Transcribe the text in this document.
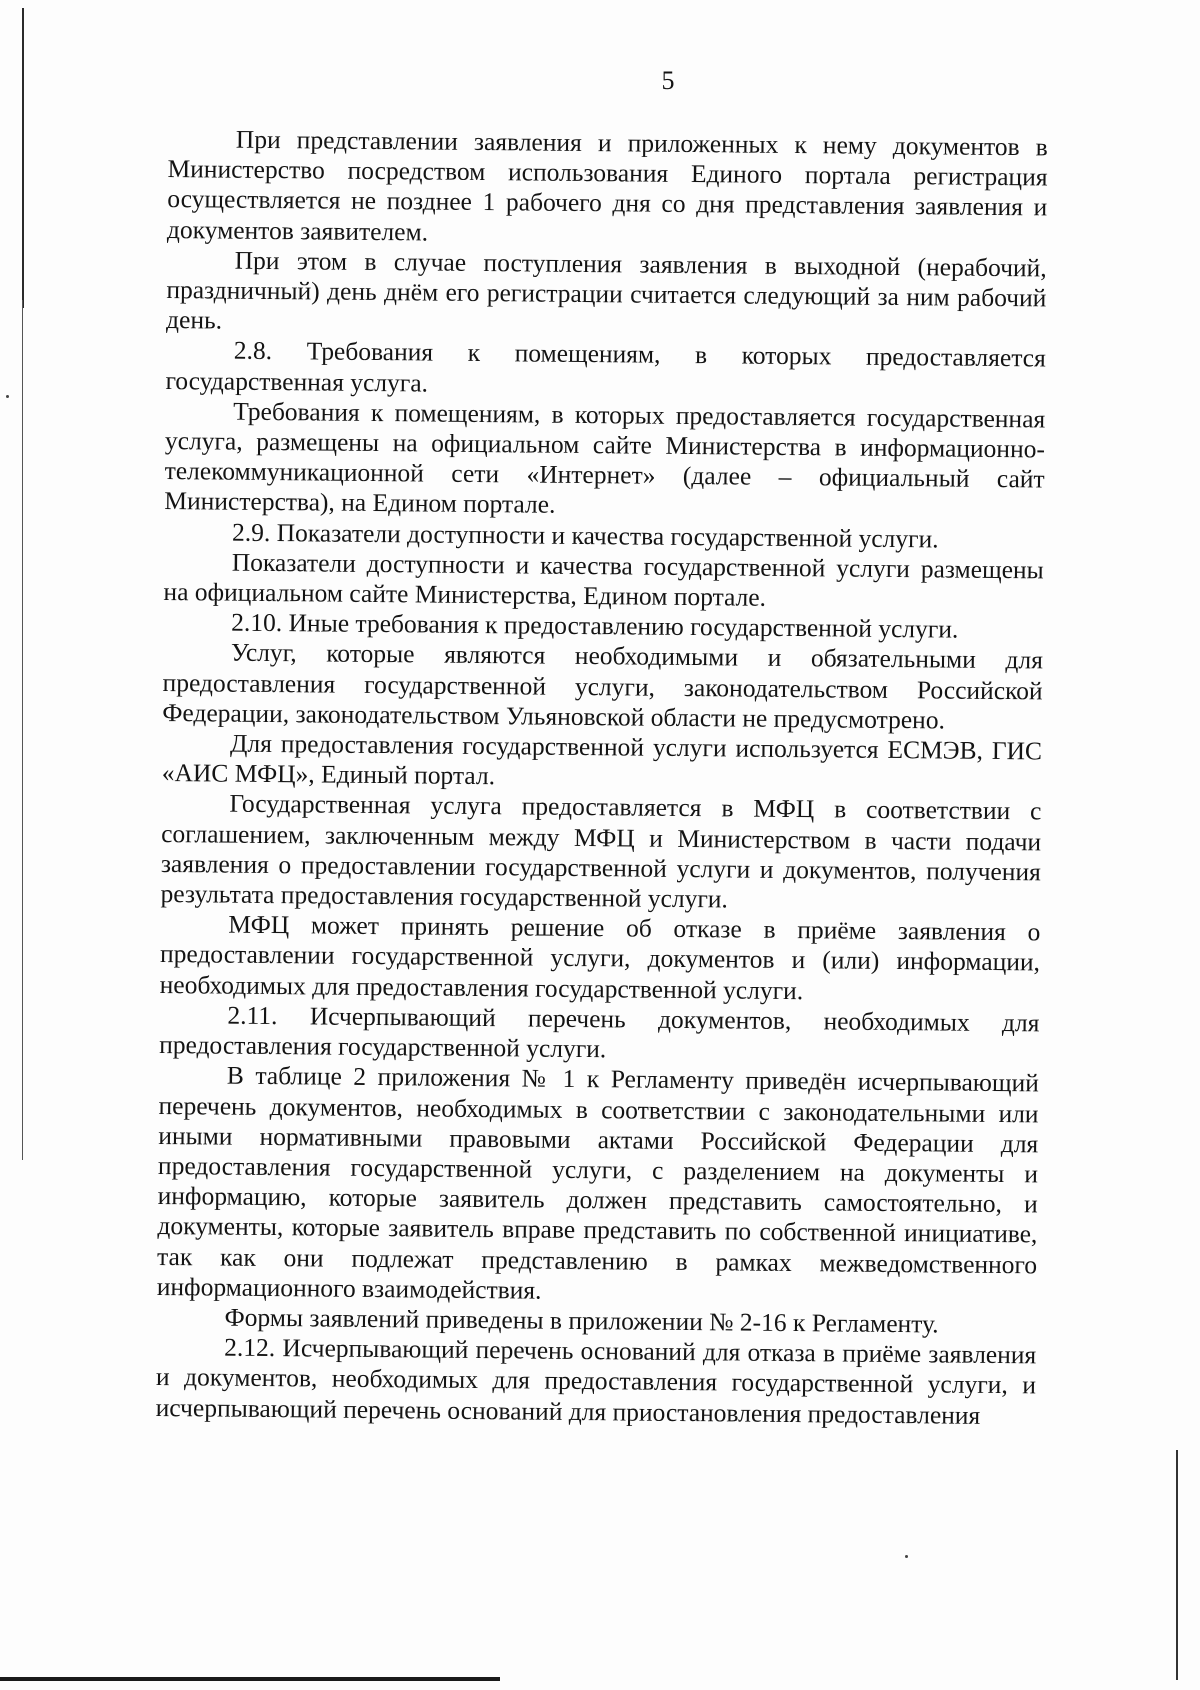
5

При представлении заявления и приложенных к нему документов в Министерство посредством использования Единого портала регистрация осуществляется не позднее 1 рабочего дня со дня представления заявления и документов заявителем.

При этом в случае поступления заявления в выходной (нерабочий, праздничный) день днём его регистрации считается следующий за ним рабочий день.

2.8. Требования к помещениям, в которых предоставляется государственная услуга.

Требования к помещениям, в которых предоставляется государственная услуга, размещены на официальном сайте Министерства в информационно-телекоммуникационной сети «Интернет» (далее – официальный сайт Министерства), на Едином портале.

2.9. Показатели доступности и качества государственной услуги.

Показатели доступности и качества государственной услуги размещены на официальном сайте Министерства, Едином портале.

2.10. Иные требования к предоставлению государственной услуги.

Услуг, которые являются необходимыми и обязательными для предоставления государственной услуги, законодательством Российской Федерации, законодательством Ульяновской области не предусмотрено.

Для предоставления государственной услуги используется ЕСМЭВ, ГИС «АИС МФЦ», Единый портал.

Государственная услуга предоставляется в МФЦ в соответствии с соглашением, заключенным между МФЦ и Министерством в части подачи заявления о предоставлении государственной услуги и документов, получения результата предоставления государственной услуги.

МФЦ может принять решение об отказе в приёме заявления о предоставлении государственной услуги, документов и (или) информации, необходимых для предоставления государственной услуги.

2.11. Исчерпывающий перечень документов, необходимых для предоставления государственной услуги.

В таблице 2 приложения № 1 к Регламенту приведён исчерпывающий перечень документов, необходимых в соответствии с законодательными или иными нормативными правовыми актами Российской Федерации для предоставления государственной услуги, с разделением на документы и информацию, которые заявитель должен представить самостоятельно, и документы, которые заявитель вправе представить по собственной инициативе, так как они подлежат представлению в рамках межведомственного информационного взаимодействия.

Формы заявлений приведены в приложении № 2-16 к Регламенту.

2.12. Исчерпывающий перечень оснований для отказа в приёме заявления и документов, необходимых для предоставления государственной услуги, и исчерпывающий перечень оснований для приостановления предоставления
